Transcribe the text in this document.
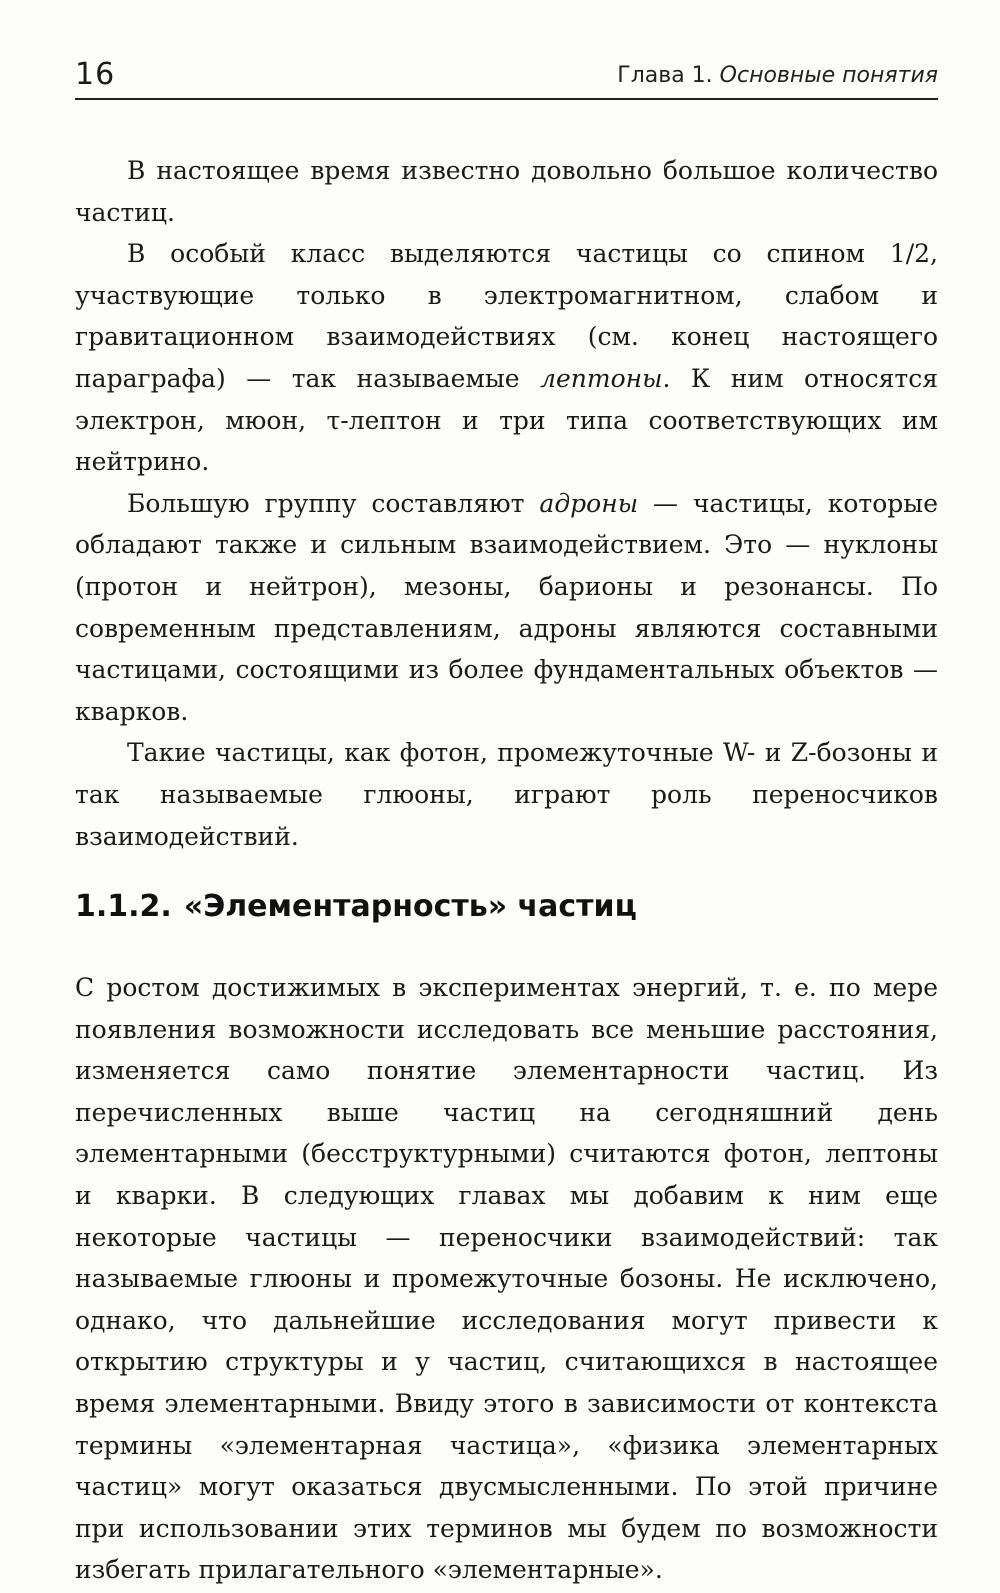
16	Глава 1. Основные понятия

В настоящее время известно довольно большое количество частиц.

В особый класс выделяются частицы со спином 1/2, участвующие только в электромагнитном, слабом и гравитационном взаимодействиях (см. конец настоящего параграфа) — так называемые лептоны. К ним относятся электрон, мюон, τ-лептон и три типа соответствующих им нейтрино.

Большую группу составляют адроны — частицы, которые обладают также и сильным взаимодействием. Это — нуклоны (протон и нейтрон), мезоны, барионы и резонансы. По современным представлениям, адроны являются составными частицами, состоящими из более фундаментальных объектов — кварков.

Такие частицы, как фотон, промежуточные W- и Z-бозоны и так называемые глюоны, играют роль переносчиков взаимодействий.

1.1.2. «Элементарность» частиц

С ростом достижимых в экспериментах энергий, т. е. по мере появления возможности исследовать все меньшие расстояния, изменяется само понятие элементарности частиц. Из перечисленных выше частиц на сегодняшний день элементарными (бесструктурными) считаются фотон, лептоны и кварки. В следующих главах мы добавим к ним еще некоторые частицы — переносчики взаимодействий: так называемые глюоны и промежуточные бозоны. Не исключено, однако, что дальнейшие исследования могут привести к открытию структуры и у частиц, считающихся в настоящее время элементарными. Ввиду этого в зависимости от контекста термины «элементарная частица», «физика элементарных частиц» могут оказаться двусмысленными. По этой причине при использовании этих терминов мы будем по возможности избегать прилагательного «элементарные».
